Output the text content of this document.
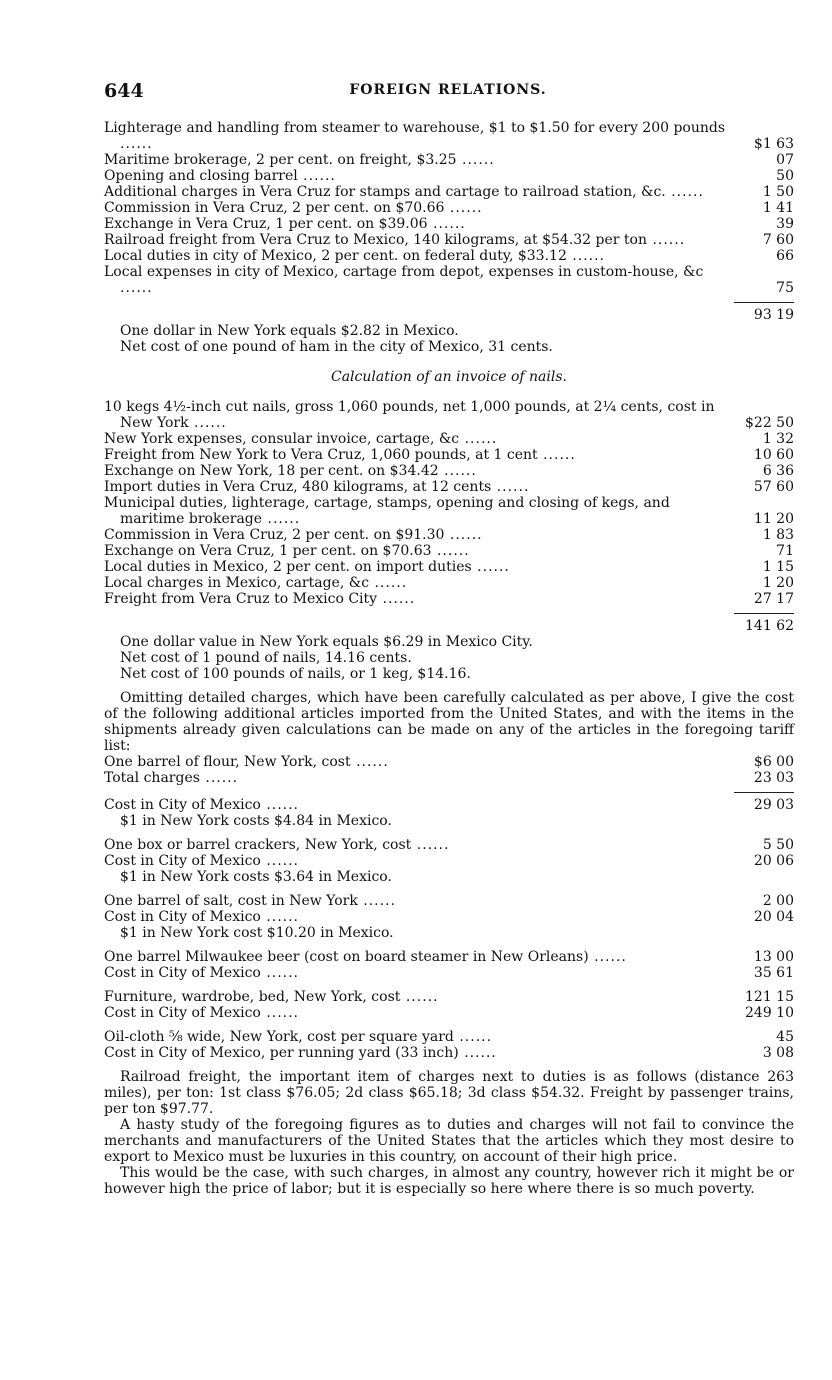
644	FOREIGN RELATIONS.
Lighterage and handling from steamer to warehouse, $1 to $1.50 for every 200 pounds ......	$1 63
Maritime brokerage, 2 per cent. on freight, $3.25 ......	07
Opening and closing barrel ......	50
Additional charges in Vera Cruz for stamps and cartage to railroad station, &c. ......	1 50
Commission in Vera Cruz, 2 per cent. on $70.66 ......	1 41
Exchange in Vera Cruz, 1 per cent. on $39.06 ......	39
Railroad freight from Vera Cruz to Mexico, 140 kilograms, at $54.32 per ton ......	7 60
Local duties in city of Mexico, 2 per cent. on federal duty, $33.12 ......	66
Local expenses in city of Mexico, cartage from depot, expenses in custom-house, &c ......	75
93 19
One dollar in New York equals $2.82 in Mexico.
Net cost of one pound of ham in the city of Mexico, 31 cents.
Calculation of an invoice of nails.
10 kegs 4½-inch cut nails, gross 1,060 pounds, net 1,000 pounds, at 2¼ cents, cost in New York ......	$22 50
New York expenses, consular invoice, cartage, &c ......	1 32
Freight from New York to Vera Cruz, 1,060 pounds, at 1 cent ......	10 60
Exchange on New York, 18 per cent. on $34.42 ......	6 36
Import duties in Vera Cruz, 480 kilograms, at 12 cents ......	57 60
Municipal duties, lighterage, cartage, stamps, opening and closing of kegs, and maritime brokerage ......	11 20
Commission in Vera Cruz, 2 per cent. on $91.30 ......	1 83
Exchange on Vera Cruz, 1 per cent. on $70.63 ......	71
Local duties in Mexico, 2 per cent. on import duties ......	1 15
Local charges in Mexico, cartage, &c ......	1 20
Freight from Vera Cruz to Mexico City ......	27 17
141 62
One dollar value in New York equals $6.29 in Mexico City.
Net cost of 1 pound of nails, 14.16 cents.
Net cost of 100 pounds of nails, or 1 keg, $14.16.
Omitting detailed charges, which have been carefully calculated as per above, I give the cost of the following additional articles imported from the United States, and with the items in the shipments already given calculations can be made on any of the articles in the foregoing tariff list:
One barrel of flour, New York, cost ......	$6 00
Total charges ......	23 03
Cost in City of Mexico ......	29 03
$1 in New York costs $4.84 in Mexico.
One box or barrel crackers, New York, cost ......	5 50
Cost in City of Mexico ......	20 06
$1 in New York costs $3.64 in Mexico.
One barrel of salt, cost in New York ......	2 00
Cost in City of Mexico ......	20 04
$1 in New York cost $10.20 in Mexico.
One barrel Milwaukee beer (cost on board steamer in New Orleans) ......	13 00
Cost in City of Mexico ......	35 61
Furniture, wardrobe, bed, New York, cost ......	121 15
Cost in City of Mexico ......	249 10
Oil-cloth ⅝ wide, New York, cost per square yard ......	45
Cost in City of Mexico, per running yard (33 inch) ......	3 08
Railroad freight, the important item of charges next to duties is as follows (distance 263 miles), per ton: 1st class $76.05; 2d class $65.18; 3d class $54.32. Freight by passenger trains, per ton $97.77.
A hasty study of the foregoing figures as to duties and charges will not fail to convince the merchants and manufacturers of the United States that the articles which they most desire to export to Mexico must be luxuries in this country, on account of their high price.
This would be the case, with such charges, in almost any country, however rich it might be or however high the price of labor; but it is especially so here where there is so much poverty.
